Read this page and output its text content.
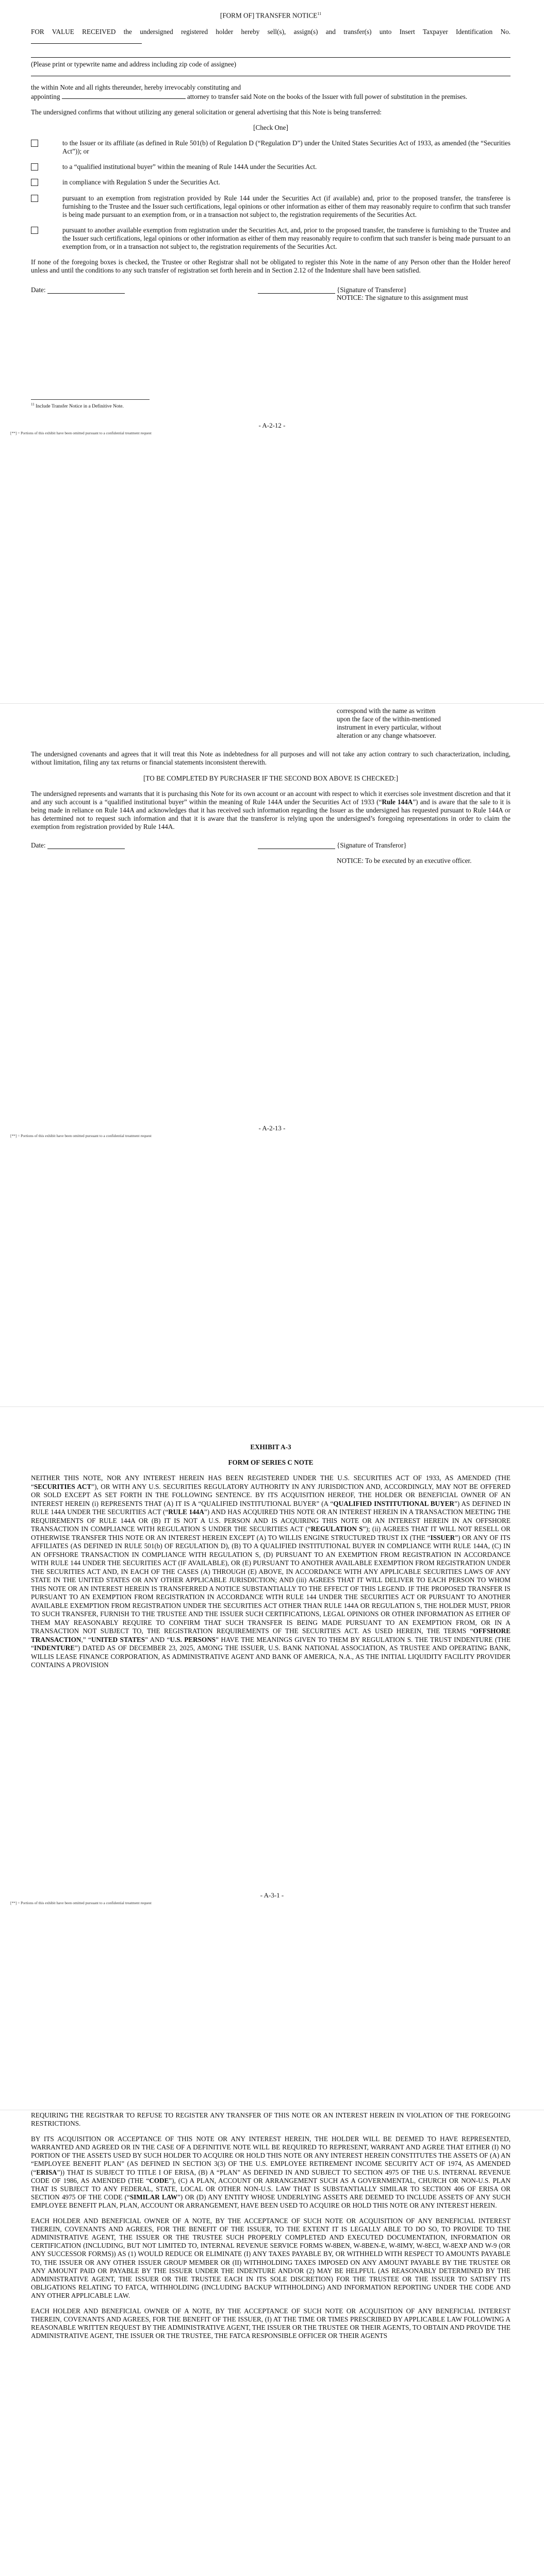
[FORM OF] TRANSFER NOTICE$^{11}$

FOR VALUE RECEIVED the undersigned registered holder hereby sell(s), assign(s) and transfer(s) unto Insert Taxpayer Identification No.

(Please print or typewrite name and address including zip code of assignee)

the within Note and all rights thereunder, hereby irrevocably constituting and

appointing	attorney to transfer said Note on the books of the Issuer with full power of substitution in the premises.

The undersigned confirms that without utilizing any general solicitation or general advertising that this Note is being transferred:

[Check One]

to the Issuer or its affiliate (as defined in Rule 501(b) of Regulation D (“Regulation D”) under the United States Securities Act of 1933, as amended (the “Securities Act”)); or

to a “qualified institutional buyer” within the meaning of Rule 144A under the Securities Act.

in compliance with Regulation S under the Securities Act.

pursuant to an exemption from registration provided by Rule 144 under the Securities Act (if available) and, prior to the proposed transfer, the transferee is furnishing to the Trustee and the Issuer such certifications, legal opinions or other information as either of them may reasonably require to confirm that such transfer is being made pursuant to an exemption from, or in a transaction not subject to, the registration requirements of the Securities Act.

pursuant to another available exemption from registration under the Securities Act, and, prior to the proposed transfer, the transferee is furnishing to the Trustee and the Issuer such certifications, legal opinions or other information as either of them may reasonably require to confirm that such transfer is being made pursuant to an exemption from, or in a transaction not subject to, the registration requirements of the Securities Act.

If none of the foregoing boxes is checked, the Trustee or other Registrar shall not be obligated to register this Note in the name of any Person other than the Holder hereof unless and until the conditions to any such transfer of registration set forth herein and in Section 2.12 of the Indenture shall have been satisfied.

Date:	{Signature of Transferor}
NOTICE: The signature to this assignment must

$^{11}$ Include Transfer Notice in a Definitive Note.

- A-2-12 -

[**] = Portions of this exhibit have been omitted pursuant to a confidential treatment request

correspond with the name as written upon the face of the within-mentioned instrument in every particular, without alteration or any change whatsoever.

The undersigned covenants and agrees that it will treat this Note as indebtedness for all purposes and will not take any action contrary to such characterization, including, without limitation, filing any tax returns or financial statements inconsistent therewith.

[TO BE COMPLETED BY PURCHASER IF THE SECOND BOX ABOVE IS CHECKED:]

The undersigned represents and warrants that it is purchasing this Note for its own account or an account with respect to which it exercises sole investment discretion and that it and any such account is a “qualified institutional buyer” within the meaning of Rule 144A under the Securities Act of 1933 (“Rule 144A”) and is aware that the sale to it is being made in reliance on Rule 144A and acknowledges that it has received such information regarding the Issuer as the undersigned has requested pursuant to Rule 144A or has determined not to request such information and that it is aware that the transferor is relying upon the undersigned’s foregoing representations in order to claim the exemption from registration provided by Rule 144A.

Date:	{Signature of Transferor}
NOTICE: To be executed by an executive officer.

- A-2-13 -

[**] = Portions of this exhibit have been omitted pursuant to a confidential treatment request

EXHIBIT A-3

FORM OF SERIES C NOTE

NEITHER THIS NOTE, NOR ANY INTEREST HEREIN HAS BEEN REGISTERED UNDER THE U.S. SECURITIES ACT OF 1933, AS AMENDED (THE “SECURITIES ACT”), OR WITH ANY U.S. SECURITIES REGULATORY AUTHORITY IN ANY JURISDICTION AND, ACCORDINGLY, MAY NOT BE OFFERED OR SOLD EXCEPT AS SET FORTH IN THE FOLLOWING SENTENCE. BY ITS ACQUISITION HEREOF, THE HOLDER OR BENEFICIAL OWNER OF AN INTEREST HEREIN (i) REPRESENTS THAT (A) IT IS A “QUALIFIED INSTITUTIONAL BUYER” (A “QUALIFIED INSTITUTIONAL BUYER”) AS DEFINED IN RULE 144A UNDER THE SECURITIES ACT (“RULE 144A”) AND HAS ACQUIRED THIS NOTE OR AN INTEREST HEREIN IN A TRANSACTION MEETING THE REQUIREMENTS OF RULE 144A OR (B) IT IS NOT A U.S. PERSON AND IS ACQUIRING THIS NOTE OR AN INTEREST HEREIN IN AN OFFSHORE TRANSACTION IN COMPLIANCE WITH REGULATION S UNDER THE SECURITIES ACT (“REGULATION S”); (ii) AGREES THAT IT WILL NOT RESELL OR OTHERWISE TRANSFER THIS NOTE OR AN INTEREST HEREIN EXCEPT (A) TO WILLIS ENGINE STRUCTURED TRUST IX (THE “ISSUER”) OR ANY OF ITS AFFILIATES (AS DEFINED IN RULE 501(b) OF REGULATION D), (B) TO A QUALIFIED INSTITUTIONAL BUYER IN COMPLIANCE WITH RULE 144A, (C) IN AN OFFSHORE TRANSACTION IN COMPLIANCE WITH REGULATION S, (D) PURSUANT TO AN EXEMPTION FROM REGISTRATION IN ACCORDANCE WITH RULE 144 UNDER THE SECURITIES ACT (IF AVAILABLE), OR (E) PURSUANT TO ANOTHER AVAILABLE EXEMPTION FROM REGISTRATION UNDER THE SECURITIES ACT AND, IN EACH OF THE CASES (A) THROUGH (E) ABOVE, IN ACCORDANCE WITH ANY APPLICABLE SECURITIES LAWS OF ANY STATE IN THE UNITED STATES OR ANY OTHER APPLICABLE JURISDICTION; AND (iii) AGREES THAT IT WILL DELIVER TO EACH PERSON TO WHOM THIS NOTE OR AN INTEREST HEREIN IS TRANSFERRED A NOTICE SUBSTANTIALLY TO THE EFFECT OF THIS LEGEND. IF THE PROPOSED TRANSFER IS PURSUANT TO AN EXEMPTION FROM REGISTRATION IN ACCORDANCE WITH RULE 144 UNDER THE SECURITIES ACT OR PURSUANT TO ANOTHER AVAILABLE EXEMPTION FROM REGISTRATION UNDER THE SECURITIES ACT OTHER THAN RULE 144A OR REGULATION S, THE HOLDER MUST, PRIOR TO SUCH TRANSFER, FURNISH TO THE TRUSTEE AND THE ISSUER SUCH CERTIFICATIONS, LEGAL OPINIONS OR OTHER INFORMATION AS EITHER OF THEM MAY REASONABLY REQUIRE TO CONFIRM THAT SUCH TRANSFER IS BEING MADE PURSUANT TO AN EXEMPTION FROM, OR IN A TRANSACTION NOT SUBJECT TO, THE REGISTRATION REQUIREMENTS OF THE SECURITIES ACT. AS USED HEREIN, THE TERMS “OFFSHORE TRANSACTION,” “UNITED STATES” AND “U.S. PERSONS” HAVE THE MEANINGS GIVEN TO THEM BY REGULATION S. THE TRUST INDENTURE (THE “INDENTURE”) DATED AS OF DECEMBER 23, 2025, AMONG THE ISSUER, U.S. BANK NATIONAL ASSOCIATION, AS TRUSTEE AND OPERATING BANK, WILLIS LEASE FINANCE CORPORATION, AS ADMINISTRATIVE AGENT AND BANK OF AMERICA, N.A., AS THE INITIAL LIQUIDITY FACILITY PROVIDER CONTAINS A PROVISION

- A-3-1 -

[**] = Portions of this exhibit have been omitted pursuant to a confidential treatment request

REQUIRING THE REGISTRAR TO REFUSE TO REGISTER ANY TRANSFER OF THIS NOTE OR AN INTEREST HEREIN IN VIOLATION OF THE FOREGOING RESTRICTIONS.

BY ITS ACQUISITION OR ACCEPTANCE OF THIS NOTE OR ANY INTEREST HEREIN, THE HOLDER WILL BE DEEMED TO HAVE REPRESENTED, WARRANTED AND AGREED OR IN THE CASE OF A DEFINITIVE NOTE WILL BE REQUIRED TO REPRESENT, WARRANT AND AGREE THAT EITHER (I) NO PORTION OF THE ASSETS USED BY SUCH HOLDER TO ACQUIRE OR HOLD THIS NOTE OR ANY INTEREST HEREIN CONSTITUTES THE ASSETS OF (A) AN “EMPLOYEE BENEFIT PLAN” (AS DEFINED IN SECTION 3(3) OF THE U.S. EMPLOYEE RETIREMENT INCOME SECURITY ACT OF 1974, AS AMENDED (“ERISA”)) THAT IS SUBJECT TO TITLE I OF ERISA, (B) A “PLAN” AS DEFINED IN AND SUBJECT TO SECTION 4975 OF THE U.S. INTERNAL REVENUE CODE OF 1986, AS AMENDED (THE “CODE”), (C) A PLAN, ACCOUNT OR ARRANGEMENT SUCH AS A GOVERNMENTAL, CHURCH OR NON-U.S. PLAN THAT IS SUBJECT TO ANY FEDERAL, STATE, LOCAL OR OTHER NON-U.S. LAW THAT IS SUBSTANTIALLY SIMILAR TO SECTION 406 OF ERISA OR SECTION 4975 OF THE CODE (“SIMILAR LAW”) OR (D) ANY ENTITY WHOSE UNDERLYING ASSETS ARE DEEMED TO INCLUDE ASSETS OF ANY SUCH EMPLOYEE BENEFIT PLAN, PLAN, ACCOUNT OR ARRANGEMENT, HAVE BEEN USED TO ACQUIRE OR HOLD THIS NOTE OR ANY INTEREST HEREIN.

EACH HOLDER AND BENEFICIAL OWNER OF A NOTE, BY THE ACCEPTANCE OF SUCH NOTE OR ACQUISITION OF ANY BENEFICIAL INTEREST THEREIN, COVENANTS AND AGREES, FOR THE BENEFIT OF THE ISSUER, TO THE EXTENT IT IS LEGALLY ABLE TO DO SO, TO PROVIDE TO THE ADMINISTRATIVE AGENT, THE ISSUER OR THE TRUSTEE SUCH PROPERLY COMPLETED AND EXECUTED DOCUMENTATION, INFORMATION OR CERTIFICATION (INCLUDING, BUT NOT LIMITED TO, INTERNAL REVENUE SERVICE FORMS W-8BEN, W-8BEN-E, W-8IMY, W-8ECI, W-8EXP AND W-9 (OR ANY SUCCESSOR FORMS)) AS (1) WOULD REDUCE OR ELIMINATE (I) ANY TAXES PAYABLE BY, OR WITHHELD WITH RESPECT TO AMOUNTS PAYABLE TO, THE ISSUER OR ANY OTHER ISSUER GROUP MEMBER OR (II) WITHHOLDING TAXES IMPOSED ON ANY AMOUNT PAYABLE BY THE TRUSTEE OR ANY AMOUNT PAID OR PAYABLE BY THE ISSUER UNDER THE INDENTURE AND/OR (2) MAY BE HELPFUL (AS REASONABLY DETERMINED BY THE ADMINISTRATIVE AGENT, THE ISSUER OR THE TRUSTEE EACH IN ITS SOLE DISCRETION) FOR THE TRUSTEE OR THE ISSUER TO SATISFY ITS OBLIGATIONS RELATING TO FATCA, WITHHOLDING (INCLUDING BACKUP WITHHOLDING) AND INFORMATION REPORTING UNDER THE CODE AND ANY OTHER APPLICABLE LAW.

EACH HOLDER AND BENEFICIAL OWNER OF A NOTE, BY THE ACCEPTANCE OF SUCH NOTE OR ACQUISITION OF ANY BENEFICIAL INTEREST THEREIN, COVENANTS AND AGREES, FOR THE BENEFIT OF THE ISSUER, (I) AT THE TIME OR TIMES PRESCRIBED BY APPLICABLE LAW FOLLOWING A REASONABLE WRITTEN REQUEST BY THE ADMINISTRATIVE AGENT, THE ISSUER OR THE TRUSTEE OR THEIR AGENTS, TO OBTAIN AND PROVIDE THE ADMINISTRATIVE AGENT, THE ISSUER OR THE TRUSTEE, THE FATCA RESPONSIBLE OFFICER OR THEIR AGENTS
